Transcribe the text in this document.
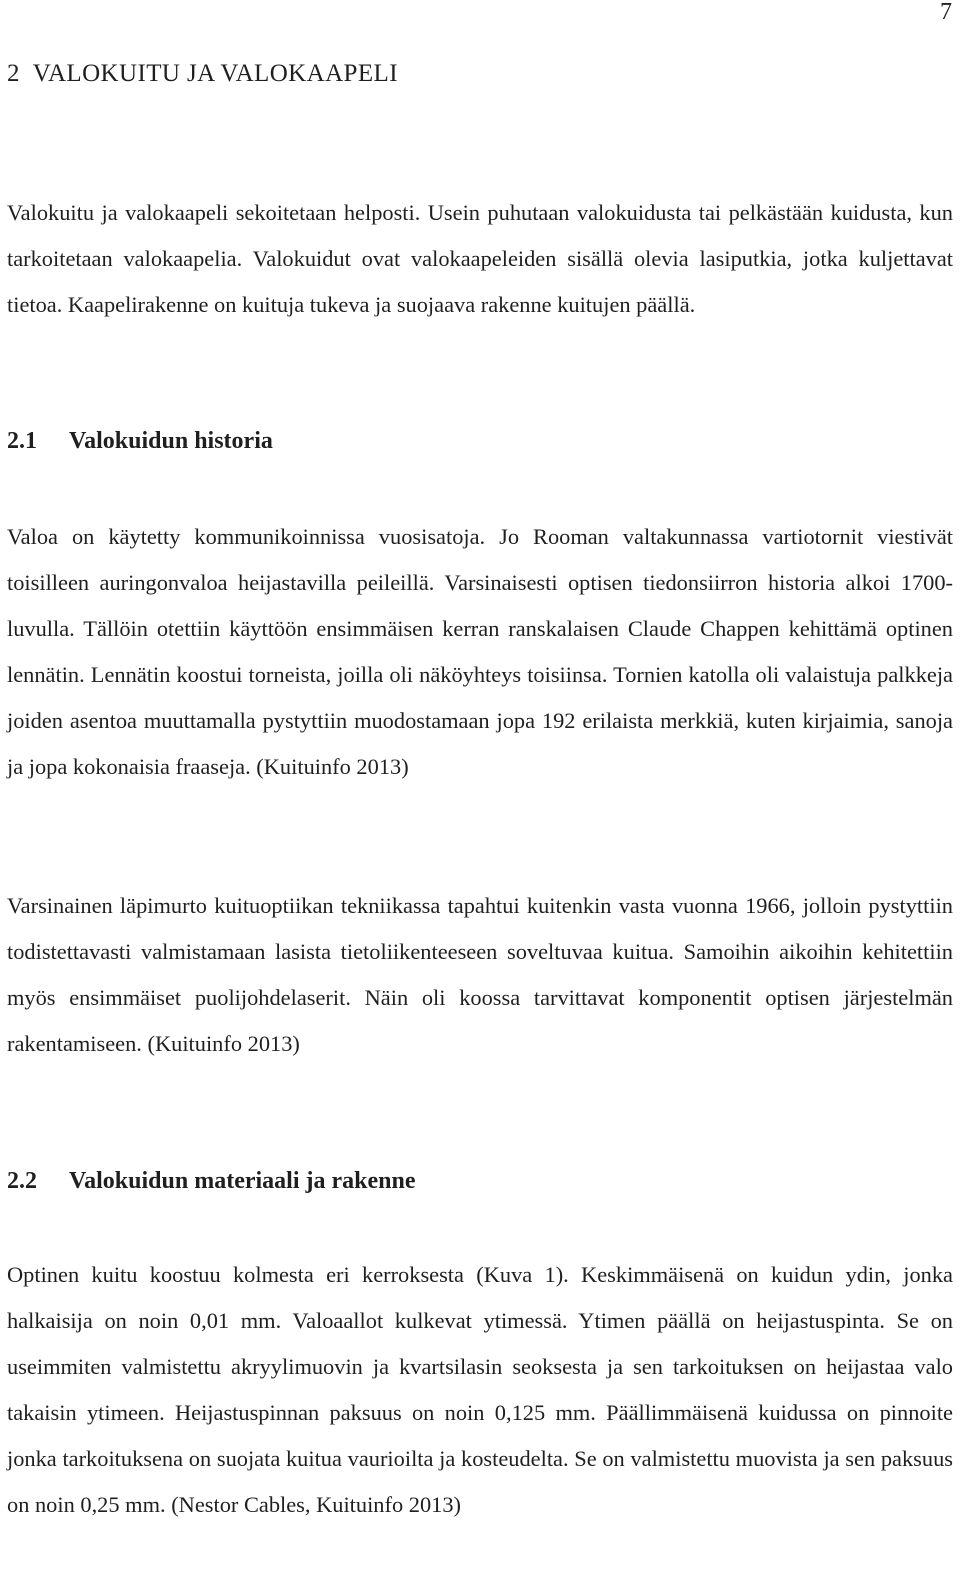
7
2  VALOKUITU JA VALOKAAPELI

Valokuitu ja valokaapeli sekoitetaan helposti. Usein puhutaan valokuidusta tai pelkästään kuidusta, kun tarkoitetaan valokaapelia. Valokuidut ovat valokaapeleiden sisällä olevia lasiputkia, jotka kuljettavat tietoa. Kaapelirakenne on kuituja tukeva ja suojaava rakenne kuitujen päällä.

2.1 Valokuidun historia

Valoa on käytetty kommunikoinnissa vuosisatoja. Jo Rooman valtakunnassa vartiotornit viestivät toisilleen auringonvaloa heijastavilla peileillä. Varsinaisesti optisen tiedonsiirron historia alkoi 1700-luvulla. Tällöin otettiin käyttöön ensimmäisen kerran ranskalaisen Claude Chappen kehittämä optinen lennätin. Lennätin koostui torneista, joilla oli näköyhteys toisiinsa. Tornien katolla oli valaistuja palkkeja joiden asentoa muuttamalla pystyttiin muodostamaan jopa 192 erilaista merkkiä, kuten kirjaimia, sanoja ja jopa kokonaisia fraaseja. (Kuituinfo 2013)

Varsinainen läpimurto kuituoptiikan tekniikassa tapahtui kuitenkin vasta vuonna 1966, jolloin pystyttiin todistettavasti valmistamaan lasista tietoliikenteeseen soveltuvaa kuitua. Samoihin aikoihin kehitettiin myös ensimmäiset puolijohdelaserit. Näin oli koossa tarvittavat komponentit optisen järjestelmän rakentamiseen. (Kuituinfo 2013)

2.2 Valokuidun materiaali ja rakenne

Optinen kuitu koostuu kolmesta eri kerroksesta (Kuva 1). Keskimmäisenä on kuidun ydin, jonka halkaisija on noin 0,01 mm. Valoaallot kulkevat ytimessä. Ytimen päällä on heijastuspinta. Se on useimmiten valmistettu akryylimuovin ja kvartsilasin seoksesta ja sen tarkoituksen on heijastaa valo takaisin ytimeen. Heijastuspinnan paksuus on noin 0,125 mm. Päällimmäisenä kuidussa on pinnoite jonka tarkoituksena on suojata kuitua vaurioilta ja kosteudelta. Se on valmistettu muovista ja sen paksuus on noin 0,25 mm. (Nestor Cables, Kuituinfo 2013)
